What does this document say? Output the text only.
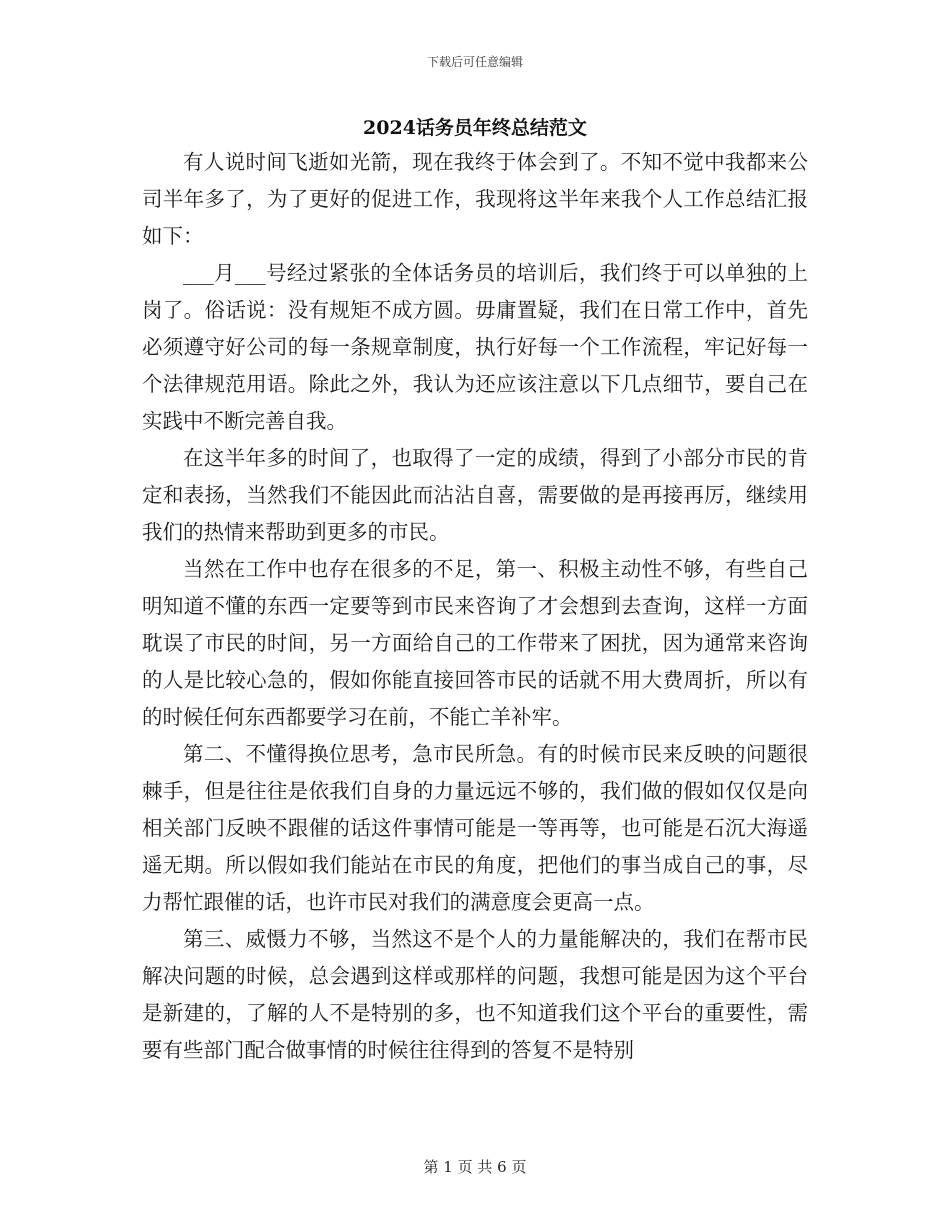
下载后可任意编辑
2024话务员年终总结范文

有人说时间飞逝如光箭，现在我终于体会到了。不知不觉中我都来公司半年多了，为了更好的促进工作，我现将这半年来我个人工作总结汇报如下：

___月___号经过紧张的全体话务员的培训后，我们终于可以单独的上岗了。俗话说：没有规矩不成方圆。毋庸置疑，我们在日常工作中，首先必须遵守好公司的每一条规章制度，执行好每一个工作流程，牢记好每一个法律规范用语。除此之外，我认为还应该注意以下几点细节，要自己在实践中不断完善自我。

在这半年多的时间了，也取得了一定的成绩，得到了小部分市民的肯定和表扬，当然我们不能因此而沾沾自喜，需要做的是再接再厉，继续用我们的热情来帮助到更多的市民。

当然在工作中也存在很多的不足，第一、积极主动性不够，有些自己明知道不懂的东西一定要等到市民来咨询了才会想到去查询，这样一方面耽误了市民的时间，另一方面给自己的工作带来了困扰，因为通常来咨询的人是比较心急的，假如你能直接回答市民的话就不用大费周折，所以有的时候任何东西都要学习在前，不能亡羊补牢。

第二、不懂得换位思考，急市民所急。有的时候市民来反映的问题很棘手，但是往往是依我们自身的力量远远不够的，我们做的假如仅仅是向相关部门反映不跟催的话这件事情可能是一等再等，也可能是石沉大海遥遥无期。所以假如我们能站在市民的角度，把他们的事当成自己的事，尽力帮忙跟催的话，也许市民对我们的满意度会更高一点。

第三、威慑力不够，当然这不是个人的力量能解决的，我们在帮市民解决问题的时候，总会遇到这样或那样的问题，我想可能是因为这个平台是新建的，了解的人不是特别的多，也不知道我们这个平台的重要性，需要有些部门配合做事情的时候往往得到的答复不是特别

第 1 页 共 6 页
